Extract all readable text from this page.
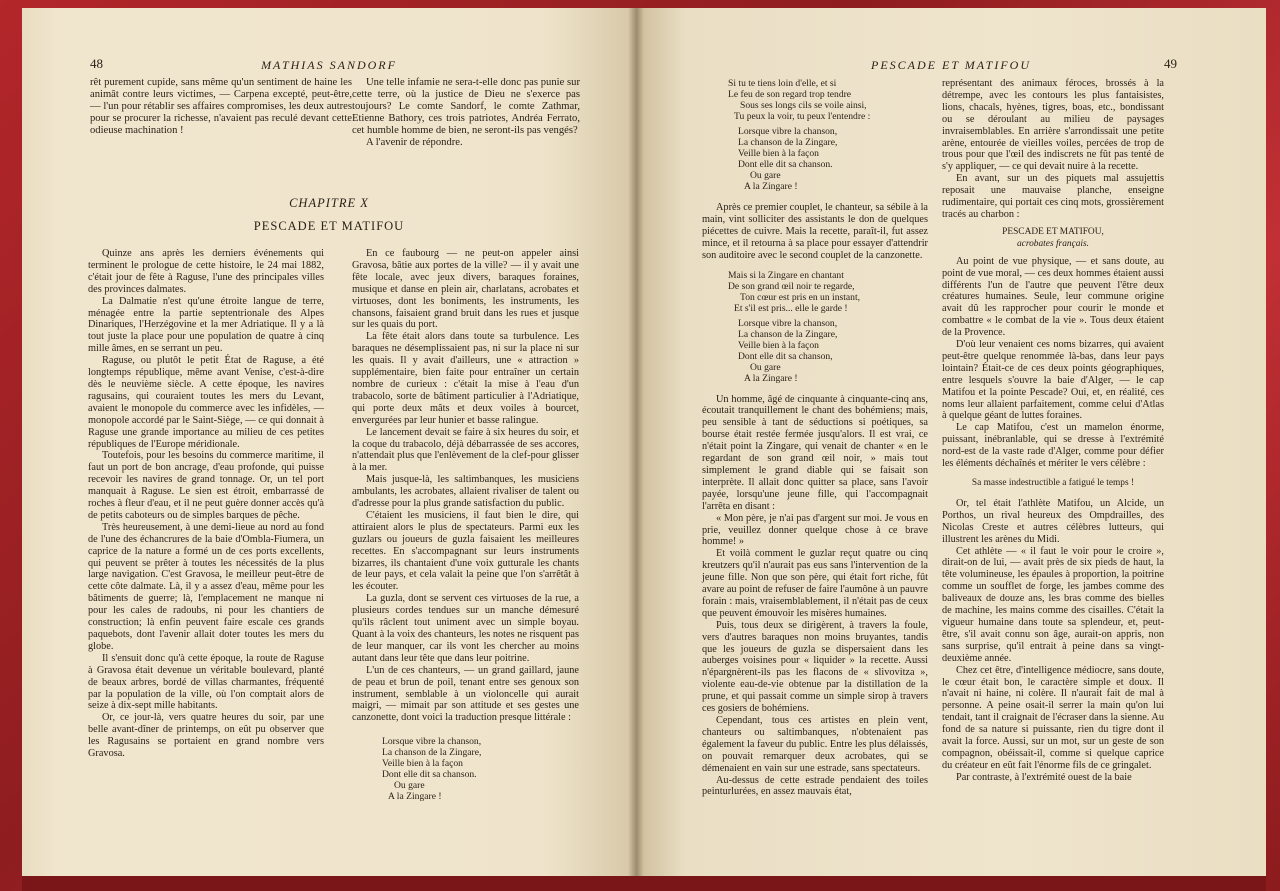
48	MATHIAS SANDORF

rêt purement cupide, sans même qu'un sentiment de haine les animât contre leurs victimes, — Carpena excepté, peut-être, — l'un pour rétablir ses affaires compromises, les deux autres pour se procurer la richesse, n'avaient pas reculé devant cette odieuse machination !

Une telle infamie ne sera-t-elle donc pas punie sur cette terre, où la justice de Dieu ne s'exerce pas toujours? Le comte Sandorf, le comte Zathmar, Etienne Bathory, ces trois patriotes, Andréa Ferrato, cet humble homme de bien, ne seront-ils pas vengés?

A l'avenir de répondre.

CHAPITRE X
PESCADE ET MATIFOU

Quinze ans après les derniers événements qui terminent le prologue de cette histoire, le 24 mai 1882, c'était jour de fête à Raguse, l'une des principales villes des provinces dalmates.

La Dalmatie n'est qu'une étroite langue de terre, ménagée entre la partie septentrionale des Alpes Dinariques, l'Herzégovine et la mer Adriatique. Il y a là tout juste la place pour une population de quatre à cinq mille âmes, en se serrant un peu.

Raguse, ou plutôt le petit État de Raguse, a été longtemps république, même avant Venise, c'est-à-dire dès le neuvième siècle. A cette époque, les navires ragusains, qui couraient toutes les mers du Levant, avaient le monopole du commerce avec les infidèles, — monopole accordé par le Saint-Siège, — ce qui donnait à Raguse une grande importance au milieu de ces petites républiques de l'Europe méridionale.

Toutefois, pour les besoins du commerce maritime, il faut un port de bon ancrage, d'eau profonde, qui puisse recevoir les navires de grand tonnage. Or, un tel port manquait à Raguse. Le sien est étroit, embarrassé de roches à fleur d'eau, et il ne peut guère donner accès qu'à de petits caboteurs ou de simples barques de pêche.

Très heureusement, à une demi-lieue au nord au fond de l'une des échancrures de la baie d'Ombla-Fiumera, un caprice de la nature a formé un de ces ports excellents, qui peuvent se prêter à toutes les nécessités de la plus large navigation. C'est Gravosa, le meilleur peut-être de cette côte dalmate. Là, il y a assez d'eau, même pour les bâtiments de guerre; là, l'emplacement ne manque ni pour les cales de radoubs, ni pour les chantiers de construction; là enfin peuvent faire escale ces grands paquebots, dont l'avenir allait doter toutes les mers du globe.

Il s'ensuit donc qu'à cette époque, la route de Raguse à Gravosa était devenue un véritable boulevard, planté de beaux arbres, bordé de villas charmantes, fréquenté par la population de la ville, où l'on comptait alors de seize à dix-sept mille habitants.

Or, ce jour-là, vers quatre heures du soir, par une belle avant-dîner de printemps, on eût pu observer que les Ragusains se portaient en grand nombre vers Gravosa.

En ce faubourg — ne peut-on appeler ainsi Gravosa, bâtie aux portes de la ville? — il y avait une fête locale, avec jeux divers, baraques foraines, musique et danse en plein air, charlatans, acrobates et virtuoses, dont les boniments, les instruments, les chansons, faisaient grand bruit dans les rues et jusque sur les quais du port.

La fête était alors dans toute sa turbulence. Les baraques ne désemplissaient pas, ni sur la place ni sur les quais. Il y avait d'ailleurs, une « attraction » supplémentaire, bien faite pour entraîner un certain nombre de curieux : c'était la mise à l'eau d'un trabacolo, sorte de bâtiment particulier à l'Adriatique, qui porte deux mâts et deux voiles à bourcet, envergurées par leur hunier et basse ralingue.

Le lancement devait se faire à six heures du soir, et la coque du trabacolo, déjà débarrassée de ses accores, n'attendait plus que l'enlèvement de la clef-pour glisser à la mer.

Mais jusque-là, les saltimbanques, les musiciens ambulants, les acrobates, allaient rivaliser de talent ou d'adresse pour la plus grande satisfaction du public.

C'étaient les musiciens, il faut bien le dire, qui attiraient alors le plus de spectateurs. Parmi eux les guzlars ou joueurs de guzla faisaient les meilleures recettes. En s'accompagnant sur leurs instruments bizarres, ils chantaient d'une voix gutturale les chants de leur pays, et cela valait la peine que l'on s'arrêtât à les écouter.

La guzla, dont se servent ces virtuoses de la rue, a plusieurs cordes tendues sur un manche démesuré qu'ils râclent tout uniment avec un simple boyau. Quant à la voix des chanteurs, les notes ne risquent pas de leur manquer, car ils vont les chercher au moins autant dans leur tête que dans leur poitrine.

L'un de ces chanteurs, — un grand gaillard, jaune de peau et brun de poil, tenant entre ses genoux son instrument, semblable à un violoncelle qui aurait maigri, — mimait par son attitude et ses gestes une canzonette, dont voici la traduction presque littérale :

Lorsque vibre la chanson,
La chanson de la Zingare,
Veille bien à la façon
Dont elle dit sa chanson.
Ou gare
A la Zingare !
PESCADE ET MATIFOU	49
Si tu te tiens loin d'elle, et si
Le feu de son regard trop tendre
Sous ses longs cils se voile ainsi,
Tu peux la voir, tu peux l'entendre :
Lorsque vibre la chanson,
La chanson de la Zingare,
Veille bien à la façon
Dont elle dit sa chanson.
Ou gare
A la Zingare !

Après ce premier couplet, le chanteur, sa sébile à la main, vint solliciter des assistants le don de quelques piécettes de cuivre. Mais la recette, paraît-il, fut assez mince, et il retourna à sa place pour essayer d'attendrir son auditoire avec le second couplet de la canzonette.

Mais si la Zingare en chantant
De son grand œil noir te regarde,
Ton cœur est pris en un instant,
Et s'il est pris... elle le garde !
Lorsque vibre la chanson,
La chanson de la Zingare,
Veille bien à la façon
Dont elle dit sa chanson,
Ou gare
A la Zingare !

Un homme, âgé de cinquante à cinquante-cinq ans, écoutait tranquillement le chant des bohémiens; mais, peu sensible à tant de séductions si poétiques, sa bourse était restée fermée jusqu'alors. Il est vrai, ce n'était point la Zingare, qui venait de chanter « en le regardant de son grand œil noir, » mais tout simplement le grand diable qui se faisait son interprète. Il allait donc quitter sa place, sans l'avoir payée, lorsqu'une jeune fille, qui l'accompagnait l'arrêta en disant :

« Mon père, je n'ai pas d'argent sur moi. Je vous en prie, veuillez donner quelque chose à ce brave homme! »

Et voilà comment le guzlar reçut quatre ou cinq kreutzers qu'il n'aurait pas eus sans l'intervention de la jeune fille. Non que son père, qui était fort riche, fût avare au point de refuser de faire l'aumône à un pauvre forain : mais, vraisemblablement, il n'était pas de ceux que peuvent émouvoir les misères humaines.

Puis, tous deux se dirigèrent, à travers la foule, vers d'autres baraques non moins bruyantes, tandis que les joueurs de guzla se dispersaient dans les auberges voisines pour « liquider » la recette. Aussi n'épargnèrent-ils pas les flacons de « slivovitza », violente eau-de-vie obtenue par la distillation de la prune, et qui passait comme un simple sirop à travers ces gosiers de bohémiens.

Cependant, tous ces artistes en plein vent, chanteurs ou saltimbanques, n'obtenaient pas également la faveur du public. Entre les plus délaissés, on pouvait remarquer deux acrobates, qui se démenaient en vain sur une estrade, sans spectateurs.

Au-dessus de cette estrade pendaient des toiles peinturlurées, en assez mauvais état,

représentant des animaux féroces, brossés à la détrempe, avec les contours les plus fantaisistes, lions, chacals, hyènes, tigres, boas, etc., bondissant ou se déroulant au milieu de paysages invraisemblables. En arrière s'arrondissait une petite arène, entourée de vieilles voiles, percées de trop de trous pour que l'œil des indiscrets ne fût pas tenté de s'y appliquer, — ce qui devait nuire à la recette.

En avant, sur un des piquets mal assujettis reposait une mauvaise planche, enseigne rudimentaire, qui portait ces cinq mots, grossièrement tracés au charbon :

PESCADE ET MATIFOU,
acrobates français.

Au point de vue physique, — et sans doute, au point de vue moral, — ces deux hommes étaient aussi différents l'un de l'autre que peuvent l'être deux créatures humaines. Seule, leur commune origine avait dû les rapprocher pour courir le monde et combattre « le combat de la vie ». Tous deux étaient de la Provence.

D'où leur venaient ces noms bizarres, qui avaient peut-être quelque renommée là-bas, dans leur pays lointain? Était-ce de ces deux points géographiques, entre lesquels s'ouvre la baie d'Alger, — le cap Matifou et la pointe Pescade? Oui, et, en réalité, ces noms leur allaient parfaitement, comme celui d'Atlas à quelque géant de luttes foraines.

Le cap Matifou, c'est un mamelon énorme, puissant, inébranlable, qui se dresse à l'extrémité nord-est de la vaste rade d'Alger, comme pour défier les éléments déchaînés et mériter le vers célèbre :

Sa masse indestructible a fatigué le temps !

Or, tel était l'athlète Matifou, un Alcide, un Porthos, un rival heureux des Ompdrailles, des Nicolas Creste et autres célèbres lutteurs, qui illustrent les arènes du Midi.

Cet athlète — « il faut le voir pour le croire », dirait-on de lui, — avait près de six pieds de haut, la tête volumineuse, les épaules à proportion, la poitrine comme un soufflet de forge, les jambes comme des baliveaux de douze ans, les bras comme des bielles de machine, les mains comme des cisailles. C'était la vigueur humaine dans toute sa splendeur, et, peut-être, s'il avait connu son âge, aurait-on appris, non sans surprise, qu'il entrait à peine dans sa vingt-deuxième année.

Chez cet être, d'intelligence médiocre, sans doute, le cœur était bon, le caractère simple et doux. Il n'avait ni haine, ni colère. Il n'aurait fait de mal à personne. A peine osait-il serrer la main qu'on lui tendait, tant il craignait de l'écraser dans la sienne. Au fond de sa nature si puissante, rien du tigre dont il avait la force. Aussi, sur un mot, sur un geste de son compagnon, obéissait-il, comme si quelque caprice du créateur en eût fait l'énorme fils de ce gringalet.

Par contraste, à l'extrémité ouest de la baie
